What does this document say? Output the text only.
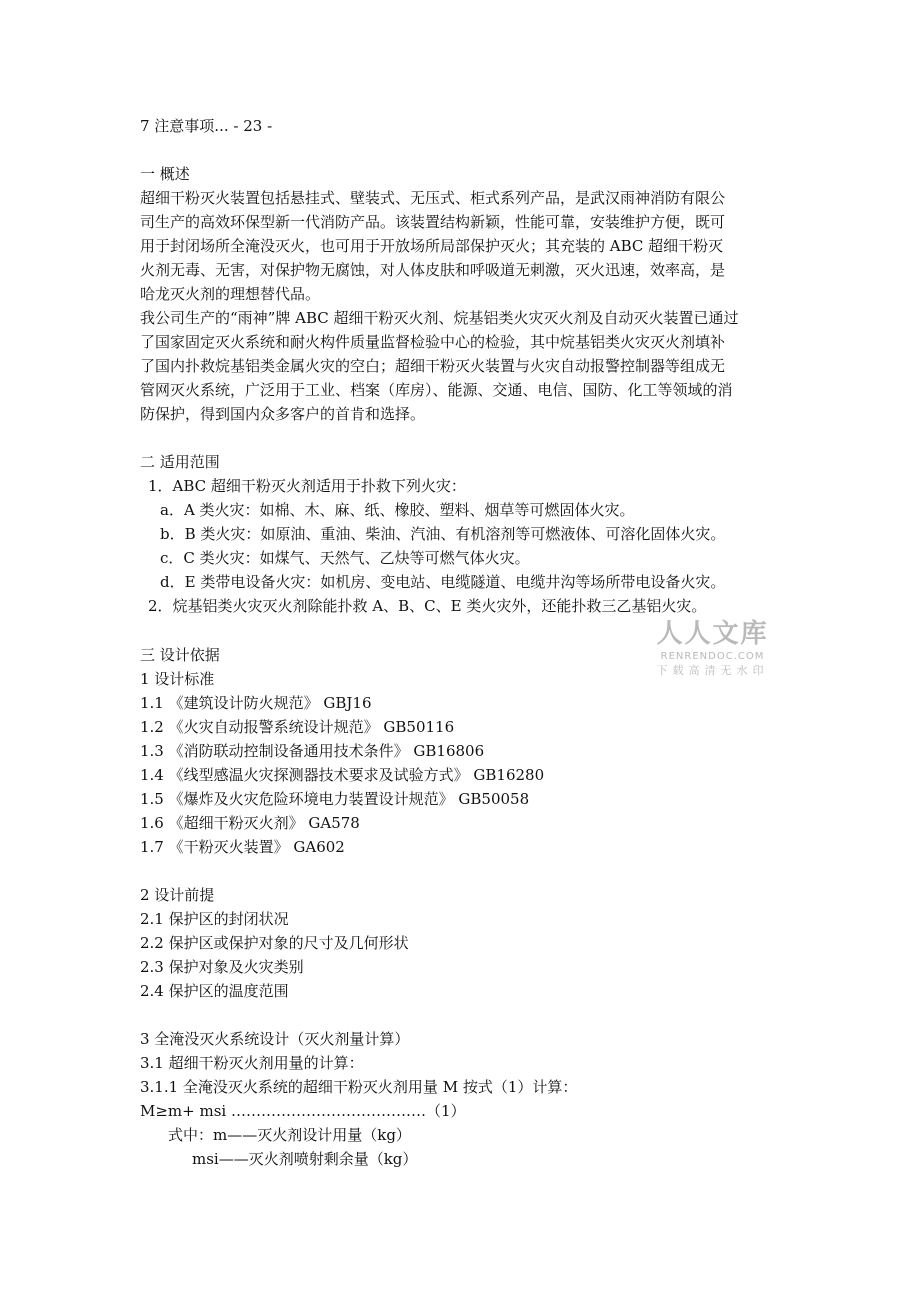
7 注意事项... - 23 -
一 概述
超细干粉灭火装置包括悬挂式、壁装式、无压式、柜式系列产品，是武汉雨神消防有限公
司生产的高效环保型新一代消防产品。该装置结构新颖，性能可靠，安装维护方便，既可
用于封闭场所全淹没灭火，也可用于开放场所局部保护灭火；其充装的 ABC 超细干粉灭
火剂无毒、无害，对保护物无腐蚀，对人体皮肤和呼吸道无刺激，灭火迅速，效率高，是
哈龙灭火剂的理想替代品。
我公司生产的“雨神”牌 ABC 超细干粉灭火剂、烷基铝类火灾灭火剂及自动灭火装置已通过
了国家固定灭火系统和耐火构件质量监督检验中心的检验，其中烷基铝类火灾灭火剂填补
了国内扑救烷基铝类金属火灾的空白；超细干粉灭火装置与火灾自动报警控制器等组成无
管网灭火系统，广泛用于工业、档案（库房）、能源、交通、电信、国防、化工等领域的消
防保护，得到国内众多客户的首肯和选择。
二 适用范围
1．ABC 超细干粉灭火剂适用于扑救下列火灾：
a．A 类火灾：如棉、木、麻、纸、橡胶、塑料、烟草等可燃固体火灾。
b．B 类火灾：如原油、重油、柴油、汽油、有机溶剂等可燃液体、可溶化固体火灾。
c．C 类火灾：如煤气、天然气、乙炔等可燃气体火灾。
d．E 类带电设备火灾：如机房、变电站、电缆隧道、电缆井沟等场所带电设备火灾。
2．烷基铝类火灾灭火剂除能扑救 A、B、C、E 类火灾外，还能扑救三乙基铝火灾。
三 设计依据
1 设计标准
1.1 《建筑设计防火规范》 GBJ16
1.2 《火灾自动报警系统设计规范》 GB50116
1.3 《消防联动控制设备通用技术条件》 GB16806
1.4 《线型感温火灾探测器技术要求及试验方式》 GB16280
1.5 《爆炸及火灾危险环境电力装置设计规范》 GB50058
1.6 《超细干粉灭火剂》 GA578
1.7 《干粉灭火装置》 GA602
2 设计前提
2.1 保护区的封闭状况
2.2 保护区或保护对象的尺寸及几何形状
2.3 保护对象及火灾类别
2.4 保护区的温度范围
3 全淹没灭火系统设计（灭火剂量计算）
3.1 超细干粉灭火剂用量的计算：
3.1.1 全淹没灭火系统的超细干粉灭火剂用量 M 按式（1）计算：
M≥m+ msi …………………………………（1）
式中：m——灭火剂设计用量（kg）
msi——灭火剂喷射剩余量（kg）
人人文库
RENRENDOC.COM
下载高清无水印
